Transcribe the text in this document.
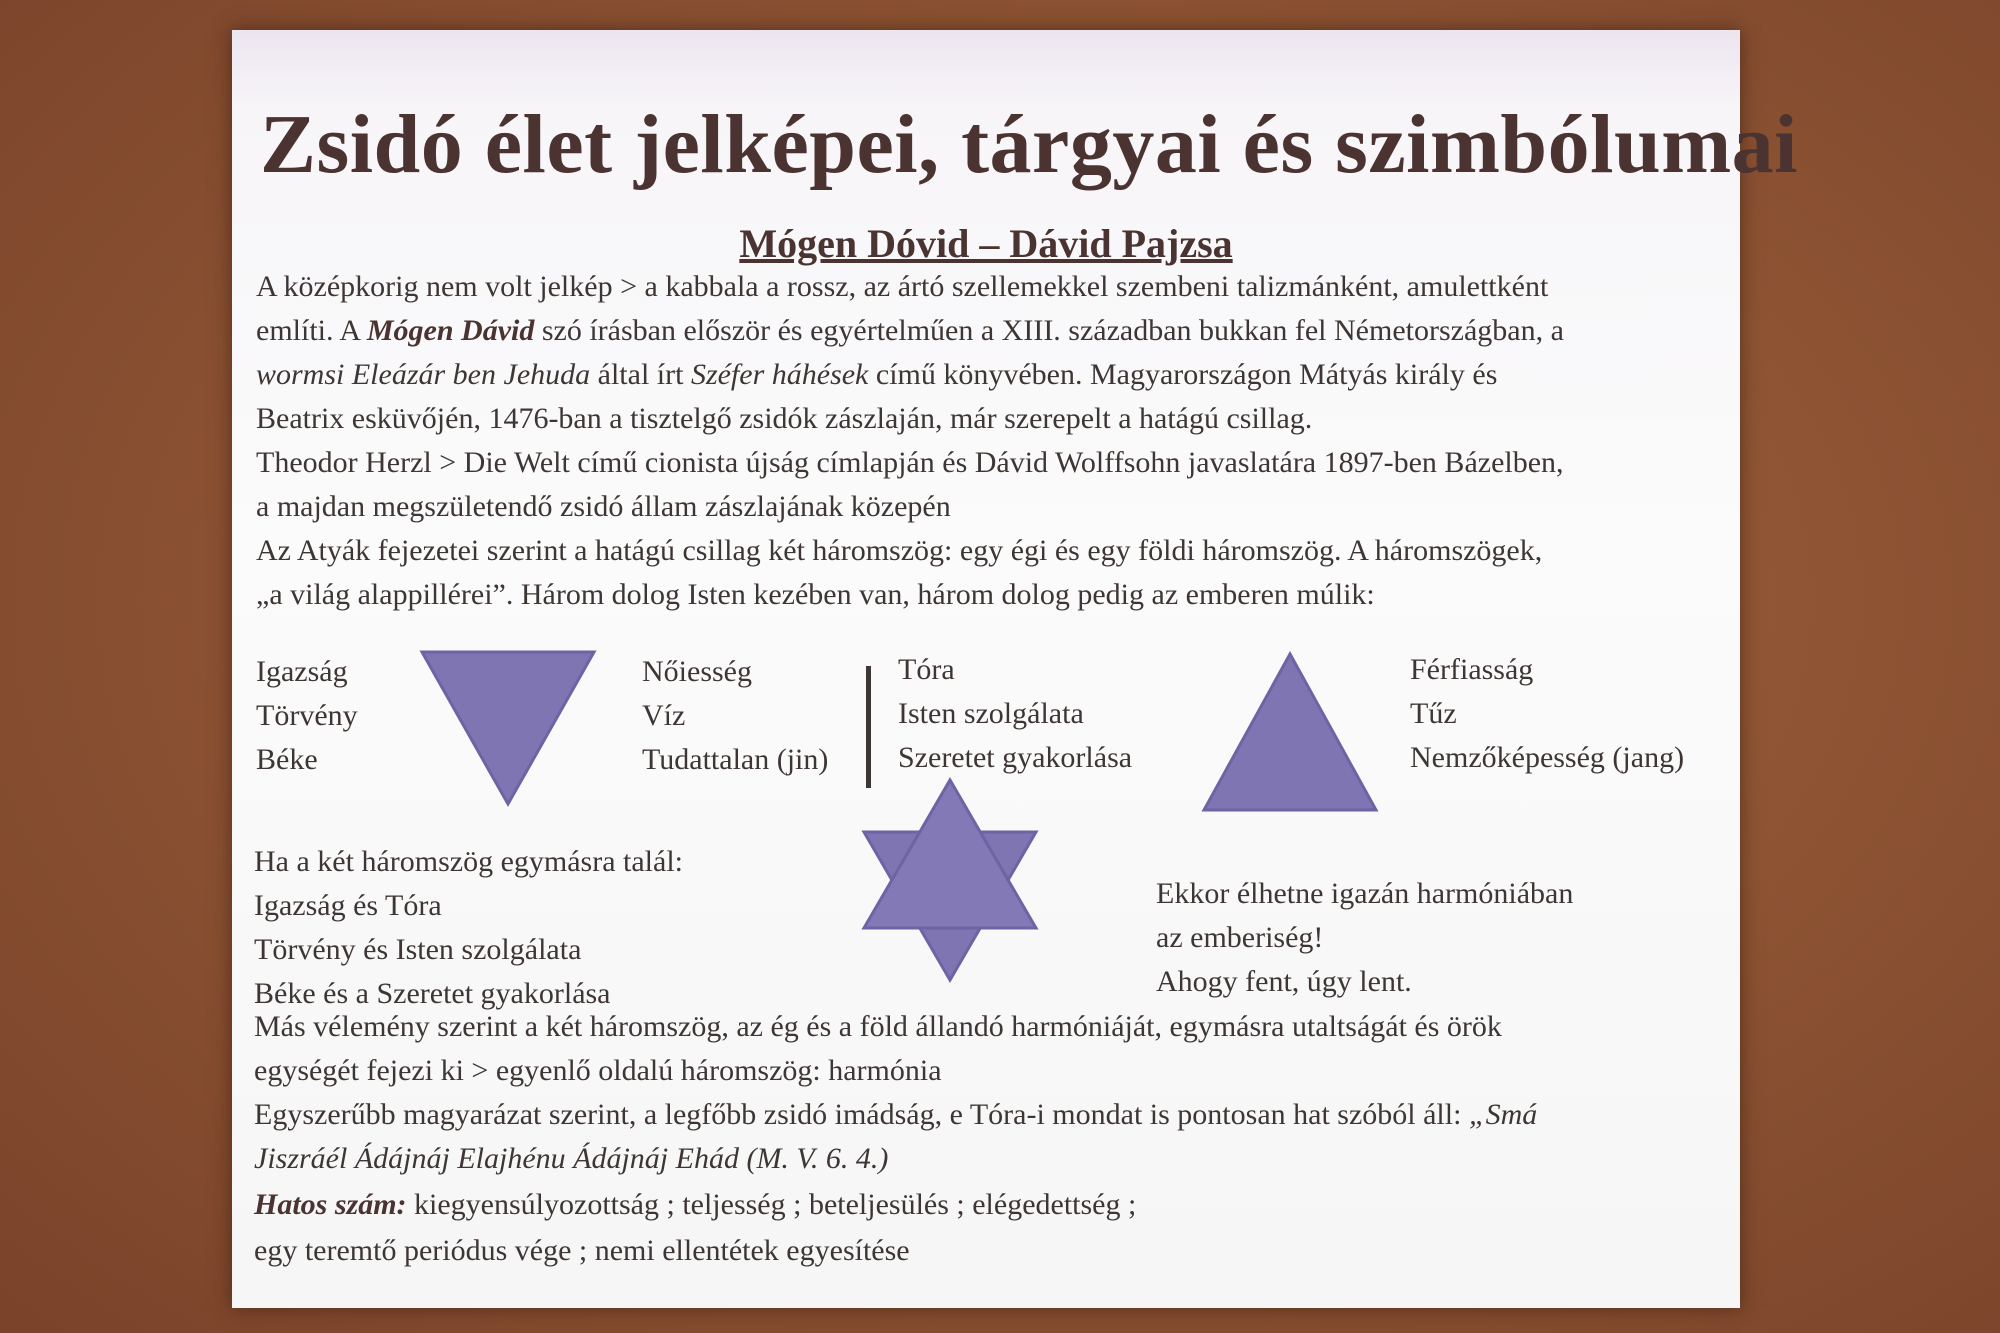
Zsidó élet jelképei, tárgyai és szimbólumai
Mógen Dóvid – Dávid Pajzsa
A középkorig nem volt jelkép > a kabbala a rossz, az ártó szellemekkel szembeni talizmánként, amulettként
említi. A Mógen Dávid szó írásban először és egyértelműen a XIII. században bukkan fel Németországban, a
wormsi Eleázár ben Jehuda által írt Széfer háhések című könyvében. Magyarországon Mátyás király és
Beatrix esküvőjén, 1476-ban a tisztelgő zsidók zászlaján, már szerepelt a hatágú csillag.
Theodor Herzl > Die Welt című cionista újság címlapján és Dávid Wolffsohn javaslatára 1897-ben Bázelben,
a majdan megszületendő zsidó állam zászlajának közepén
Az Atyák fejezetei szerint a hatágú csillag két háromszög: egy égi és egy földi háromszög. A háromszögek,
„a világ alappillérei”. Három dolog Isten kezében van, három dolog pedig az emberen múlik:
Igazság
Törvény
Béke
Nőiesség
Víz
Tudattalan (jin)
Tóra
Isten szolgálata
Szeretet gyakorlása
Férfiasság
Tűz
Nemzőképesség (jang)
Ha a két háromszög egymásra talál:
Igazság és Tóra
Törvény és Isten szolgálata
Béke és a Szeretet gyakorlása
Ekkor élhetne igazán harmóniában
az emberiség!
Ahogy fent, úgy lent.
Más vélemény szerint a két háromszög, az ég és a föld állandó harmóniáját, egymásra utaltságát és örök
egységét fejezi ki > egyenlő oldalú háromszög: harmónia
Egyszerűbb magyarázat szerint, a legfőbb zsidó imádság, e Tóra-i mondat is pontosan hat szóból áll: „Smá
Jiszráél Ádájnáj Elajhénu Ádájnáj Ehád (M. V. 6. 4.)
Hatos szám: kiegyensúlyozottság ; teljesség ; beteljesülés ; elégedettség ;
egy teremtő periódus vége ; nemi ellentétek egyesítése
